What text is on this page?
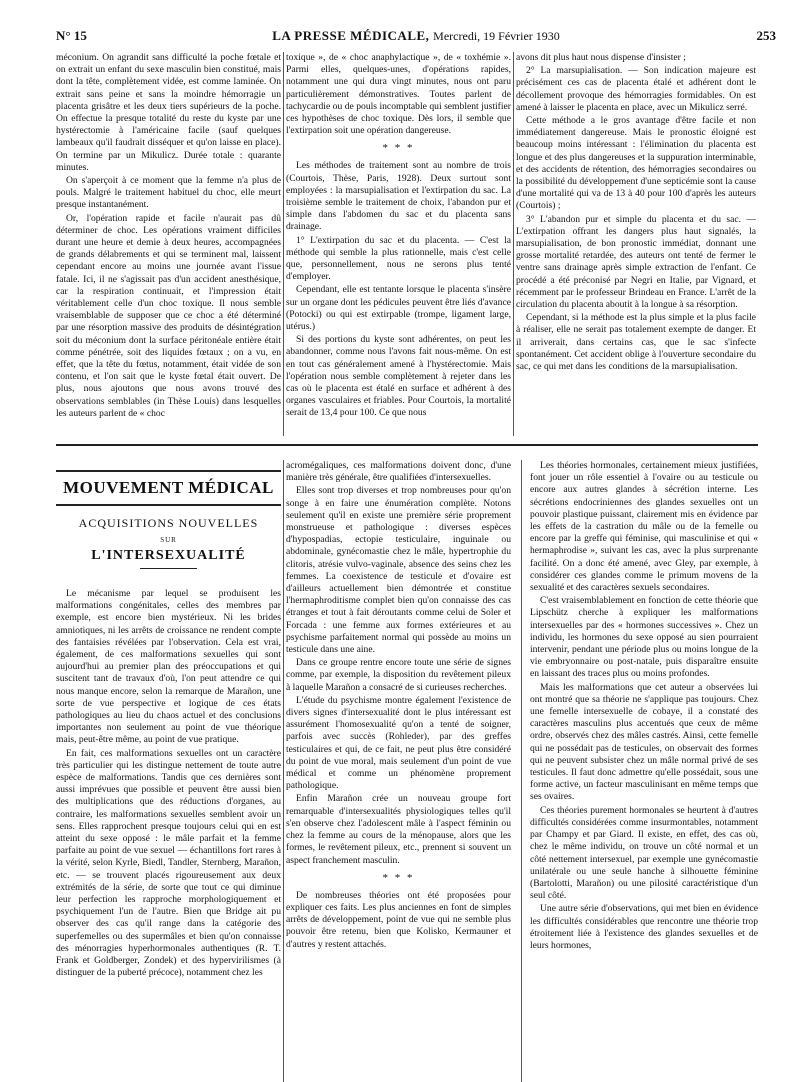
N° 15	LA PRESSE MÉDICALE, Mercredi, 19 Février 1930	253

méconium. On agrandit sans difficulté la poche fœtale et on extrait un enfant du sexe masculin bien constitué, mais dont la tête, complètement vidée, est comme laminée. On extrait sans peine et sans la moindre hémorragie un placenta grisâtre et les deux tiers supérieurs de la poche. On effectue la presque totalité du reste du kyste par une hystérectomie à l'américaine facile (sauf quelques lambeaux qu'il faudrait disséquer et qu'on laisse en place). On termine par un Mikulicz. Durée totale : quarante minutes.

On s'aperçoit à ce moment que la femme n'a plus de pouls. Malgré le traitement habituel du choc, elle meurt presque instantanément.

Or, l'opération rapide et facile n'aurait pas dû déterminer de choc. Les opérations vraiment difficiles durant une heure et demie à deux heures, accompagnées de grands délabrements et qui se terminent mal, laissent cependant encore au moins une journée avant l'issue fatale. Ici, il ne s'agissait pas d'un accident anesthésique, car la respiration continuait, et l'impression était véritablement celle d'un choc toxique. Il nous semble vraisemblable de supposer que ce choc a été déterminé par une résorption massive des produits de désintégration soit du méconium dont la surface péritonéale entière était comme pénétrée, soit des liquides fœtaux ; on a vu, en effet, que la tête du fœtus, notamment, était vidée de son contenu, et l'on sait que le kyste fœtal était ouvert. De plus, nous ajoutons que nous avons trouvé des observations semblables (in Thèse Louis) dans lesquelles les auteurs parlent de « choc

toxique », de « choc anaphylactique », de « toxhémie ». Parmi elles, quelques-unes, d'opérations rapides, notamment une qui dura vingt minutes, nous ont paru particulièrement démonstratives. Toutes parlent de tachycardie ou de pouls incomptable qui semblent justifier ces hypothèses de choc toxique. Dès lors, il semble que l'extirpation soit une opération dangereuse.

* * *

Les méthodes de traitement sont au nombre de trois (Courtois, Thèse, Paris, 1928). Deux surtout sont employées : la marsupialisation et l'extirpation du sac. La troisième semble le traitement de choix, l'abandon pur et simple dans l'abdomen du sac et du placenta sans drainage.

1° L'extirpation du sac et du placenta. — C'est la méthode qui semble la plus rationnelle, mais c'est celle que, personnellement, nous ne serons plus tenté d'employer.

Cependant, elle est tentante lorsque le placenta s'insère sur un organe dont les pédicules peuvent être liés d'avance (Potocki) ou qui est extirpable (trompe, ligament large, utérus.)

Si des portions du kyste sont adhérentes, on peut les abandonner, comme nous l'avons fait nous-même. On est en tout cas généralement amené à l'hystérectomie. Mais l'opération nous semble complètement à rejeter dans les cas où le placenta est étalé en surface et adhérent à des organes vasculaires et friables. Pour Courtois, la mortalité serait de 13,4 pour 100. Ce que nous

avons dit plus haut nous dispense d'insister ;

2° La marsupialisation. — Son indication majeure est précisément ces cas de placenta étalé et adhérent dont le décollement provoque des hémorragies formidables. On est amené à laisser le placenta en place, avec un Mikulicz serré.

Cette méthode a le gros avantage d'être facile et non immédiatement dangereuse. Mais le pronostic éloigné est beaucoup moins intéressant : l'élimination du placenta est longue et des plus dangereuses et la suppuration interminable, et des accidents de rétention, des hémorragies secondaires ou la possibilité du développement d'une septicémie sont la cause d'une mortalité qui va de 13 à 40 pour 100 d'après les auteurs (Courtois) ;

3° L'abandon pur et simple du placenta et du sac. — L'extirpation offrant les dangers plus haut signalés, la marsupialisation, de bon pronostic immédiat, donnant une grosse mortalité retardée, des auteurs ont tenté de fermer le ventre sans drainage après simple extraction de l'enfant. Ce procédé a été préconisé par Negri en Italie, par Vignard, et récemment par le professeur Brindeau en France. L'arrêt de la circulation du placenta aboutit à la longue à sa résorption.

Cependant, si la méthode est la plus simple et la plus facile à réaliser, elle ne serait pas totalement exempte de danger. Et il arriverait, dans certains cas, que le sac s'infecte spontanément. Cet accident oblige à l'ouverture secondaire du sac, ce qui met dans les conditions de la marsupialisation.

MOUVEMENT MÉDICAL
ACQUISITIONS NOUVELLES
SUR
L'INTERSEXUALITÉ

Le mécanisme par lequel se produisent les malformations congénitales, celles des membres par exemple, est encore bien mystérieux. Ni les brides amniotiques, ni les arrêts de croissance ne rendent compte des fantaisies révélées par l'observation. Cela est vrai, également, de ces malformations sexuelles qui sont aujourd'hui au premier plan des préoccupations et qui suscitent tant de travaux d'où, l'on peut attendre ce qui nous manque encore, selon la remarque de Marañon, une sorte de vue perspective et logique de ces états pathologiques au lieu du chaos actuel et des conclusions importantes non seulement au point de vue théorique mais, peut-être même, au point de vue pratique.

En fait, ces malformations sexuelles ont un caractère très particulier qui les distingue nettement de toute autre espèce de malformations. Tandis que ces dernières sont aussi imprévues que possible et peuvent être aussi bien des multiplications que des réductions d'organes, au contraire, les malformations sexuelles semblent avoir un sens. Elles rapprochent presque toujours celui qui en est atteint du sexe opposé : le mâle parfait et la femme parfaite au point de vue sexuel — échantillons fort rares à la vérité, selon Kyrle, Biedl, Tandler, Sternberg, Marañon, etc. — se trouvent placés rigoureusement aux deux extrémités de la série, de sorte que tout ce qui diminue leur perfection les rapproche morphologiquement et psychiquement l'un de l'autre. Bien que Bridge ait pu observer des cas qu'il range dans la catégorie des superfemelles ou des supermâles et bien qu'on connaisse des ménorragies hyperhormonales authentiques (R. T. Frank et Goldberger, Zondek) et des hypervirilismes (à distinguer de la puberté précoce), notamment chez les

acromégaliques, ces malformations doivent donc, d'une manière très générale, être qualifiées d'intersexuelles.

Elles sont trop diverses et trop nombreuses pour qu'on songe à en faire une énumération complète. Notons seulement qu'il en existe une première série proprement monstrueuse et pathologique : diverses espèces d'hypospadias, ectopie testiculaire, inguinale ou abdominale, gynécomastie chez le mâle, hypertrophie du clitoris, atrésie vulvo-vaginale, absence des seins chez les femmes. La coexistence de testicule et d'ovaire est d'ailleurs actuellement bien démontrée et constitue l'hermaphroditisme complet bien qu'on connaisse des cas étranges et tout à fait déroutants comme celui de Soler et Forcada : une femme aux formes extérieures et au psychisme parfaitement normal qui possède au moins un testicule dans une aine.

Dans ce groupe rentre encore toute une série de signes comme, par exemple, la disposition du revêtement pileux à laquelle Marañon a consacré de si curieuses recherches.

L'étude du psychisme montre également l'existence de divers signes d'intersexualité dont le plus intéressant est assurément l'homosexualité qu'on a tenté de soigner, parfois avec succès (Rohleder), par des greffes testiculaires et qui, de ce fait, ne peut plus être considéré du point de vue moral, mais seulement d'un point de vue médical et comme un phénomène proprement pathologique.

Enfin Marañon crée un nouveau groupe fort remarquable d'intersexualités physiologiques telles qu'il s'en observe chez l'adolescent mâle à l'aspect féminin ou chez la femme au cours de la ménopause, alors que les formes, le revêtement pileux, etc., prennent si souvent un aspect franchement masculin.

* * *

De nombreuses théories ont été proposées pour expliquer ces faits. Les plus anciennes en font de simples arrêts de développement, point de vue qui ne semble plus pouvoir être retenu, bien que Kolisko, Kermauner et d'autres y restent attachés.

Les théories hormonales, certainement mieux justifiées, font jouer un rôle essentiel à l'ovaire ou au testicule ou encore aux autres glandes à sécrétion interne. Les sécrétions endocriniennes des glandes sexuelles ont un pouvoir plastique puissant, clairement mis en évidence par les effets de la castration du mâle ou de la femelle ou encore par la greffe qui féminise, qui masculinise et qui « hermaphrodise », suivant les cas, avec la plus surprenante facilité. On a donc été amené, avec Gley, par exemple, à considérer ces glandes comme le primum movens de la sexualité et des caractères sexuels secondaires.

C'est vraisemblablement en fonction de cette théorie que Lipschütz cherche à expliquer les malformations intersexuelles par des « hormones successives ». Chez un individu, les hormones du sexe opposé au sien pourraient intervenir, pendant une période plus ou moins longue de la vie embryonnaire ou post-natale, puis disparaître ensuite en laissant des traces plus ou moins profondes.

Mais les malformations que cet auteur a observées lui ont montré que sa théorie ne s'applique pas toujours. Chez une femelle intersexuelle de cobaye, il a constaté des caractères masculins plus accentués que ceux de même ordre, observés chez des mâles castrés. Ainsi, cette femelle qui ne possédait pas de testicules, on observait des formes qui ne peuvent subsister chez un mâle normal privé de ses testicules. Il faut donc admettre qu'elle possédait, sous une forme active, un facteur masculinisant en même temps que ses ovaires.

Ces théories purement hormonales se heurtent à d'autres difficultés considérées comme insurmontables, notamment par Champy et par Giard. Il existe, en effet, des cas où, chez le même individu, on trouve un côté normal et un côté nettement intersexuel, par exemple une gynécomastie unilatérale ou une seule hanche à silhouette féminine (Bartolotti, Marañon) ou une pilosité caractéristique d'un seul côté.

Une autre série d'observations, qui met bien en évidence les difficultés considérables que rencontre une théorie trop étroitement liée à l'existence des glandes sexuelles et de leurs hormones,
